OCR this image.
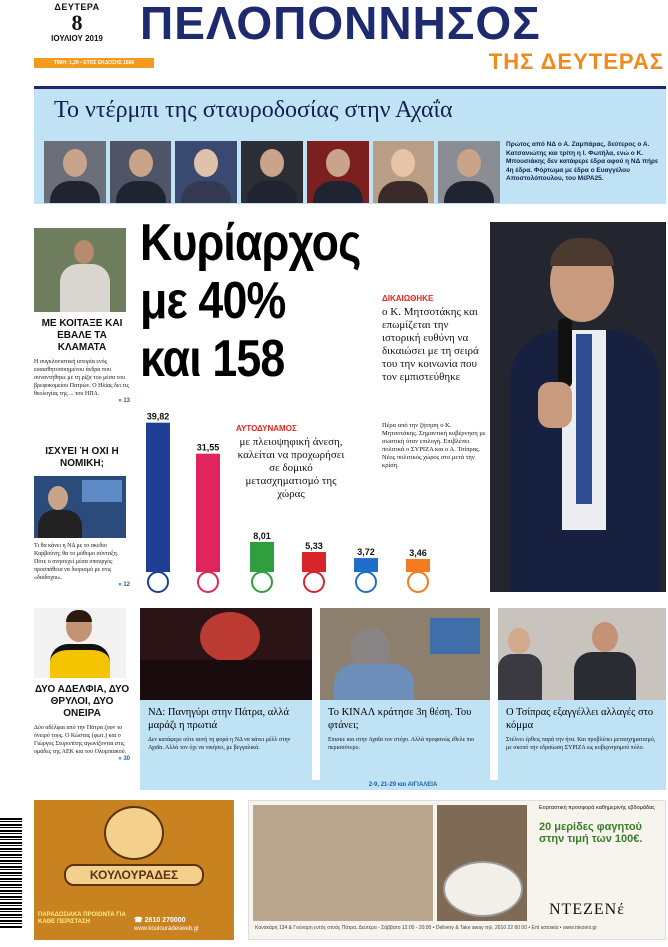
ΔΕΥΤΕΡΑ
8
ΙΟΥΛΙΟΥ 2019
ΤΙΜΗ: 1,20 • ΕΤΟΣ ΕΚΔΟΣΗΣ 1886
ΠΕΛΟΠΟΝΝΗΣΟΣ
ΤΗΣ ΔΕΥΤΕΡΑΣ
Το ντέρμπι της σταυροδοσίας στην Αχαΐα
Πρώτος από ΝΔ ο Α. Ζαμπάρας, δεύτερος ο Α. Κατσανιώτης και τρίτη η Ι. Φωτήλα, ενώ ο Κ. Μπουσιάκης δεν κατάφερε έδρα αφού η ΝΔ πήρε 4η έδρα. Φόρτωμα με έδρα ο Ευαγγέλου Αποστολόπουλου, του ΜέΡΑ25.
ΜΕ ΚΟΙΤΑΞΕ ΚΑΙ ΕΒΑΛΕ ΤΑ ΚΛΑΜΑΤΑ
Η συγκλονιστική ιστορία ενός ευαισθητοποιημένου άνδρα που συναντήθηκε με τη ρίζα του μέσα του βρεφοκομείου Πατρών. Ο Ηλίας δει τις θεολογίας της ... του ΗΠΑ.
» 13
ΙΣΧΥΕΙ Ή ΟΧΙ Η ΝΟΜΙΚΗ;
Τι θα κάνει η ΝΔ με το σκεδιο Καρβούνη; θα το μόθυμο σύνταξη. Πότε ο ανησυχεί μέσα υπουργός προσπάθεια να διορισμό με στις «διάδοχοι».
» 12
ΔΥΟ ΑΔΕΛΦΙΑ, ΔΥΟ ΘΡΥΛΟΙ, ΔΥΟ ΟΝΕΙΡΑ
Δύο αδέλφια από την Πάτρα ζουν το όνειρό τους. Ο Κώστας (φωτ.) και ο Γιώργος Στυροπίτης αγωνίζονται στις ομάδες της ΑΕΚ και του Ολυμπιακού.
» 30
Κυρίαρχος
με 40%
και 158
ΔΙΚΑΙΩΘΗΚΕ
ο Κ. Μητσοτάκης και επωμίζεται την ιστορική ευθύνη να δικαιώσει με τη σειρά του την κοινωνία που τον εμπιστεύθηκε
Πέρα από την ζήτηση ο Κ. Μητσοτάκης. Σημαντική κυβέρνηση με σωστική όταν επιλογή. Επιβλέπει πολιτικά ο ΣΥΡΙΖΑ και ο Α. Τσίπρας. Νέος πολιτικός χώρος στο μετά την κρίση.
39,82
31,55
8,01
5,33
3,72	3,46
ΑΥΤΟΔΥΝΑΜΟΣ
με πλειοψηφική άνεση, καλείται να προχωρήσει σε δομικό μετασχηματισμό της χώρας
ΝΔ: Πανηγύρι στην Πάτρα, αλλά μαράζι η πρωτιά
Δεν κατάφερε ούτε αυτή τη φορά η ΝΔ να κάνει μέλλ στην Αχαΐα. Αλλά τον όχι να νικήσει, με βεγγαλικά.
Το ΚΙΝΑΛ κράτησε 3η θέση. Του φτάνει;
Επισκε και στην Αχαΐα τον στόχο. Αλλά προφανώς έθελε πιο περισσότερο.
Ο Τσίπρας εξαγγέλλει αλλαγές στο κόμμα
Στέλνει έρθεις παρά την ήτα. Και προβλέπει μετασχηματισμό, με σκοπό την εδραίωση ΣΥΡΙΖΑ ως κυβερνησιμού πόλο.
2-9, 21-29 και ΑΙΓΙΑΛΕΙΑ
ΚΟΥΛΟΥΡΑΔΕΣ
ΠΑΡΑΔΟΣΙΑΚΑ ΠΡΟΙΟΝΤΑ ΓΙΑ ΚΑΘΕ ΠΕΡΙΣΤΑΣΗ	☎ 2610 270000
www.koulouradesweb.gr
Εορταστική προσφορά καθημερινής εβδομάδας
20 μερίδες φαγητού στην τιμή των 100€.
ΝΤΕΖΕΝέ
Κανακάρη 134 & Γούναρη εντός στοάς Πάτρα, Δευτέρα - Σάββατο 12:00 - 20:00 • Delivery & Take away τηλ. 2610 22 60 00 • Eπί κατοικία • www.ntezeni.gr
